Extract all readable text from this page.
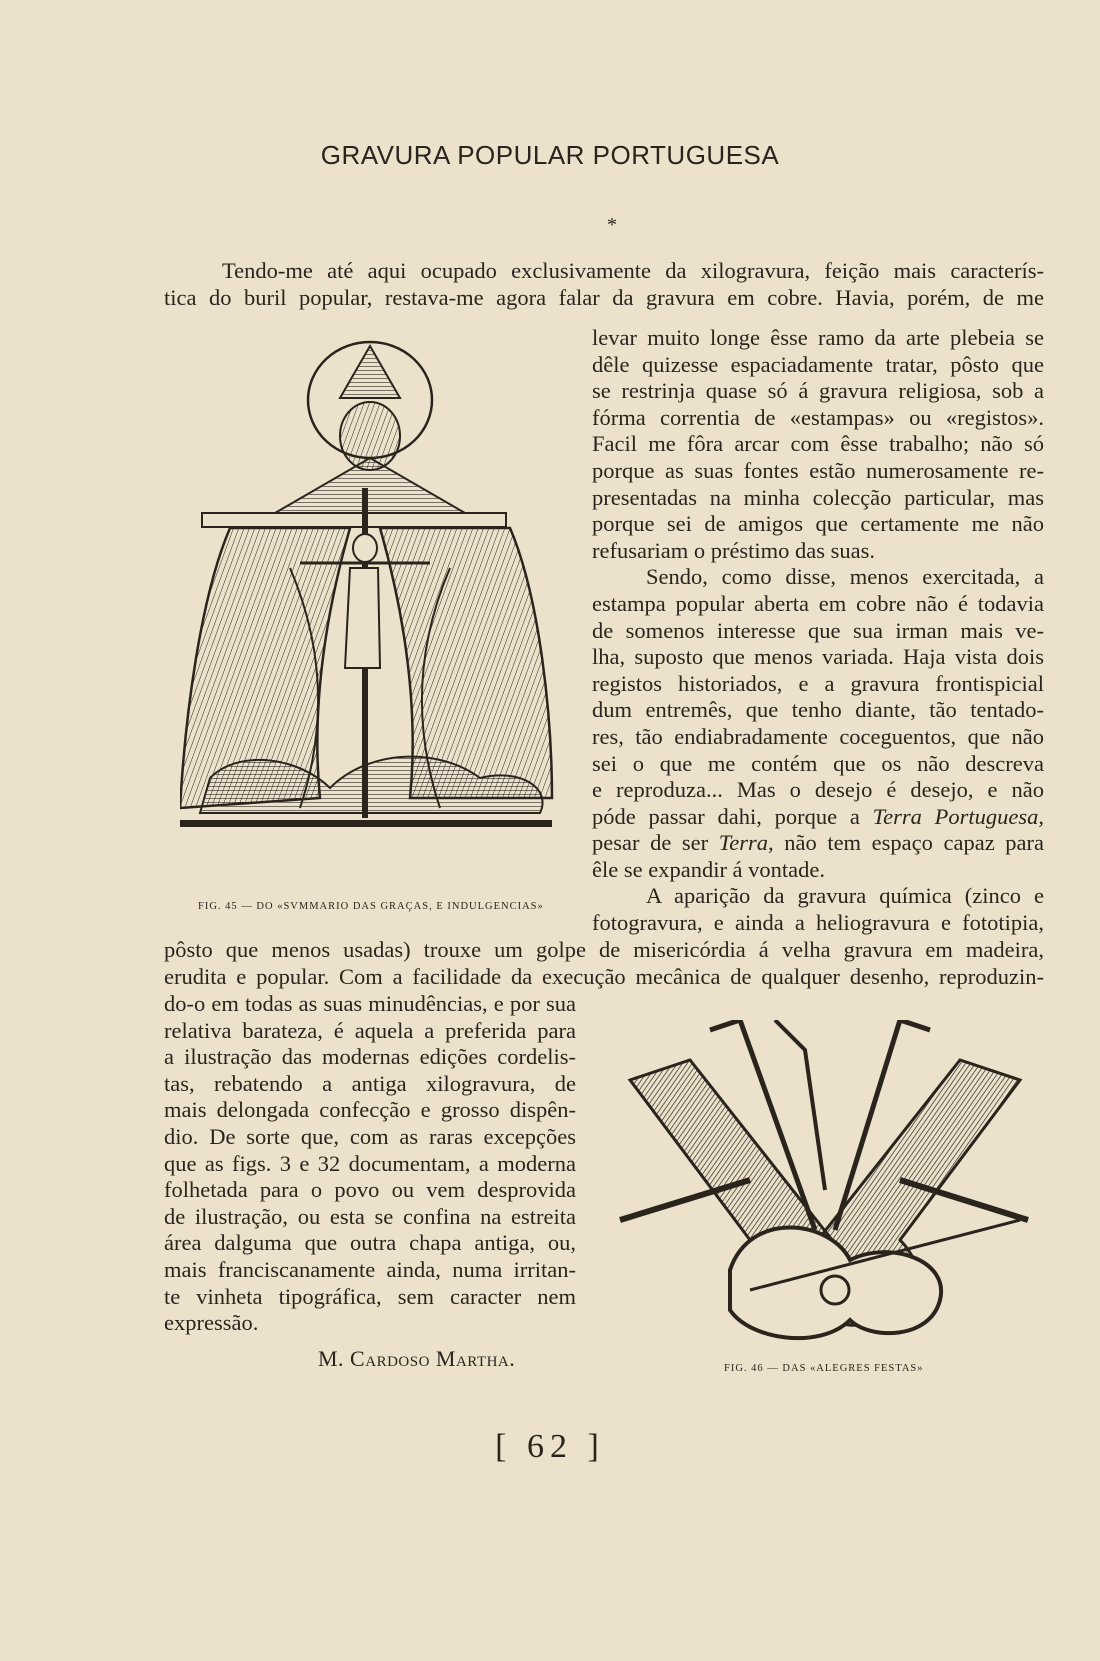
GRAVURA POPULAR PORTUGUESA
*

Tendo-me até aqui ocupado exclusivamente da xilogravura, feição mais caracterís-

tica do buril popular, restava-me agora falar da gravura em cobre. Havia, porém, de me

FIG. 45 — DO «SVMMARIO DAS GRAÇAS, E INDULGENCIAS»

levar muito longe êsse ramo da arte plebeia se

dêle quizesse espaciadamente tratar, pôsto que

se restrinja quase só á gravura religiosa, sob a

fórma correntia de «estampas» ou «registos».

Facil me fôra arcar com êsse trabalho; não só

porque as suas fontes estão numerosamente re-

presentadas na minha colecção particular, mas

porque sei de amigos que certamente me não

refusariam o préstimo das suas.

Sendo, como disse, menos exercitada, a

estampa popular aberta em cobre não é todavia

de somenos interesse que sua irman mais ve-

lha, suposto que menos variada. Haja vista dois

registos historiados, e a gravura frontispicial

dum entremês, que tenho diante, tão tentado-

res, tão endiabradamente coceguentos, que não

sei o que me contém que os não descreva

e reproduza... Mas o desejo é desejo, e não

póde passar dahi, porque a Terra Portuguesa,

pesar de ser Terra, não tem espaço capaz para

êle se expandir á vontade.

A aparição da gravura química (zinco e

fotogravura, e ainda a heliogravura e fototipia,

pôsto que menos usadas) trouxe um golpe de misericórdia á velha gravura em madeira,

erudita e popular. Com a facilidade da execução mecânica de qualquer desenho, reproduzin-

do-o em todas as suas minudências, e por sua

relativa barateza, é aquela a preferida para

a ilustração das modernas edições cordelis-

tas, rebatendo a antiga xilogravura, de

mais delongada confecção e grosso dispên-

dio. De sorte que, com as raras excepções

que as figs. 3 e 32 documentam, a moderna

folhetada para o povo ou vem desprovida

de ilustração, ou esta se confina na estreita

área dalguma que outra chapa antiga, ou,

mais franciscanamente ainda, numa irritan-

te vinheta tipográfica, sem caracter nem

expressão.

M. Cardoso Martha.	FIG. 46 — DAS «ALEGRES FESTAS»
[ 62 ]
